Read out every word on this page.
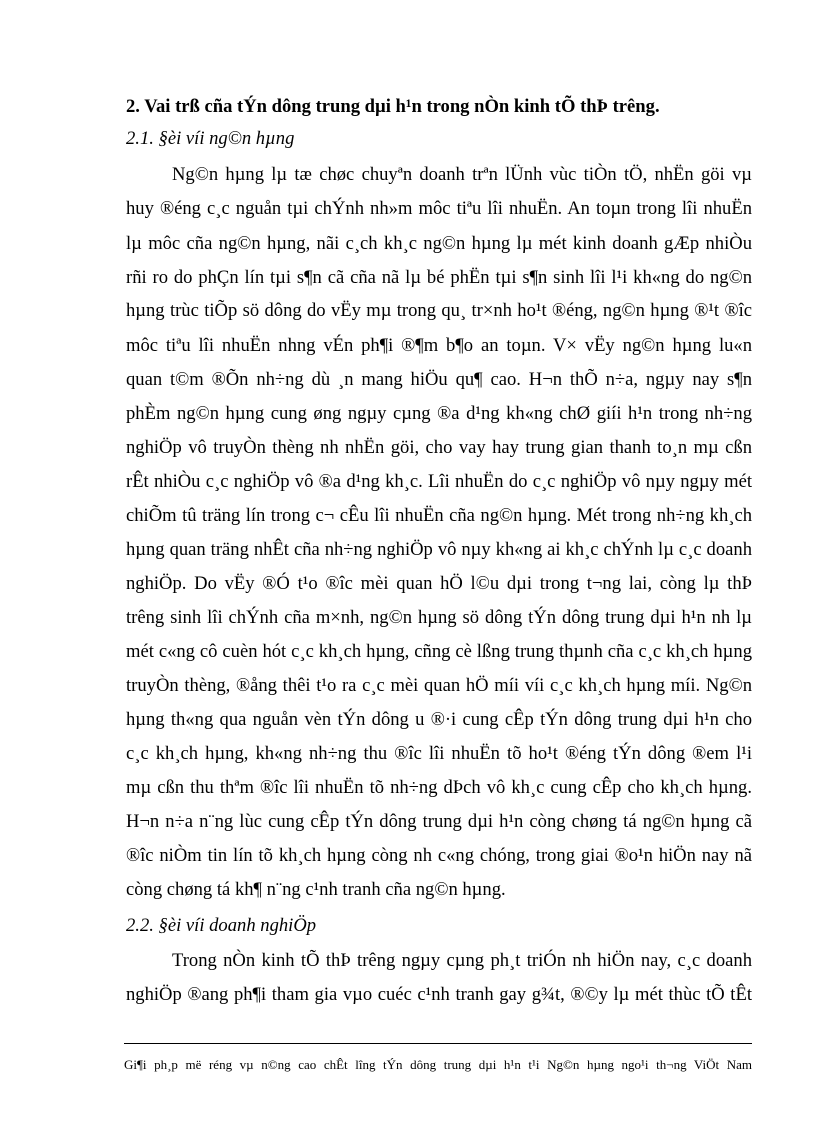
2. Vai trß cña tÝn dông trung dµi h¹n trong nÒn kinh tÕ thÞ trêng.
2.1. §èi víi ng©n hµng
Ng©n hµng lµ tæ chøc chuyªn doanh trªn lÜnh vùc tiÒn tÖ, nhËn göi vµ
huy ®éng c¸c nguån tµi chÝnh nh»m môc tiªu lîi nhuËn. An toµn trong lîi nhuËn
lµ môc cña ng©n hµng, nãi c¸ch kh¸c ng©n hµng lµ mét kinh doanh gÆp nhiÒu
rñi ro do phÇn lín tµi s¶n cã cña nã lµ bé phËn tµi s¶n sinh lîi l¹i kh«ng do ng©n
hµng trùc tiÕp sö dông do vËy mµ trong qu¸ tr×nh ho¹t ®éng, ng©n hµng ®¹t ®îc
môc tiªu lîi nhuËn nhng vÉn ph¶i ®¶m b¶o an toµn. V× vËy ng©n hµng lu«n
quan t©m ®Õn nh÷ng dù ¸n mang hiÖu qu¶ cao. H¬n thÕ n÷a, ngµy nay s¶n
phÈm ng©n hµng cung øng ngµy cµng ®a d¹ng kh«ng chØ giíi h¹n trong nh÷ng
nghiÖp vô truyÒn thèng nh nhËn göi, cho vay hay trung gian thanh to¸n mµ cßn
rÊt nhiÒu c¸c nghiÖp vô ®a d¹ng kh¸c. Lîi nhuËn do c¸c nghiÖp vô nµy ngµy mét
chiÕm tû träng lín trong c¬ cÊu lîi nhuËn cña ng©n hµng. Mét trong nh÷ng kh¸ch
hµng quan träng nhÊt cña nh÷ng nghiÖp vô nµy kh«ng ai kh¸c chÝnh lµ c¸c doanh
nghiÖp. Do vËy ®Ó t¹o ®îc mèi quan hÖ l©u dµi trong t¬ng lai, còng lµ thÞ
trêng sinh lîi chÝnh cña m×nh, ng©n hµng sö dông tÝn dông trung dµi h¹n nh lµ
mét c«ng cô cuèn hót c¸c kh¸ch hµng, cñng cè lßng trung thµnh cña c¸c kh¸ch hµng
truyÒn thèng, ®ång thêi t¹o ra c¸c mèi quan hÖ míi víi c¸c kh¸ch hµng míi. Ng©n
hµng th«ng qua nguån vèn tÝn dông u ®·i cung cÊp tÝn dông trung dµi h¹n cho
c¸c kh¸ch hµng, kh«ng nh÷ng thu ®îc lîi nhuËn tõ ho¹t ®éng tÝn dông ®em l¹i
mµ cßn thu thªm ®îc lîi nhuËn tõ nh÷ng dÞch vô kh¸c cung cÊp cho kh¸ch hµng.
H¬n n÷a n¨ng lùc cung cÊp tÝn dông trung dµi h¹n còng chøng tá ng©n hµng cã
®îc niÒm tin lín tõ kh¸ch hµng còng nh c«ng chóng, trong giai ®o¹n hiÖn nay nã
còng chøng tá kh¶ n¨ng c¹nh tranh cña ng©n hµng.
2.2. §èi víi doanh nghiÖp
Trong nÒn kinh tÕ thÞ trêng ngµy cµng ph¸t triÓn nh hiÖn nay, c¸c doanh
nghiÖp ®ang ph¶i tham gia vµo cuéc c¹nh tranh gay g¾t, ®©y lµ mét thùc tÕ tÊt
Gi¶i ph¸p më réng vµ n©ng cao chÊt lîng tÝn dông trung dµi h¹n t¹i Ng©n hµng ngo¹i th¬ng ViÖt Nam
